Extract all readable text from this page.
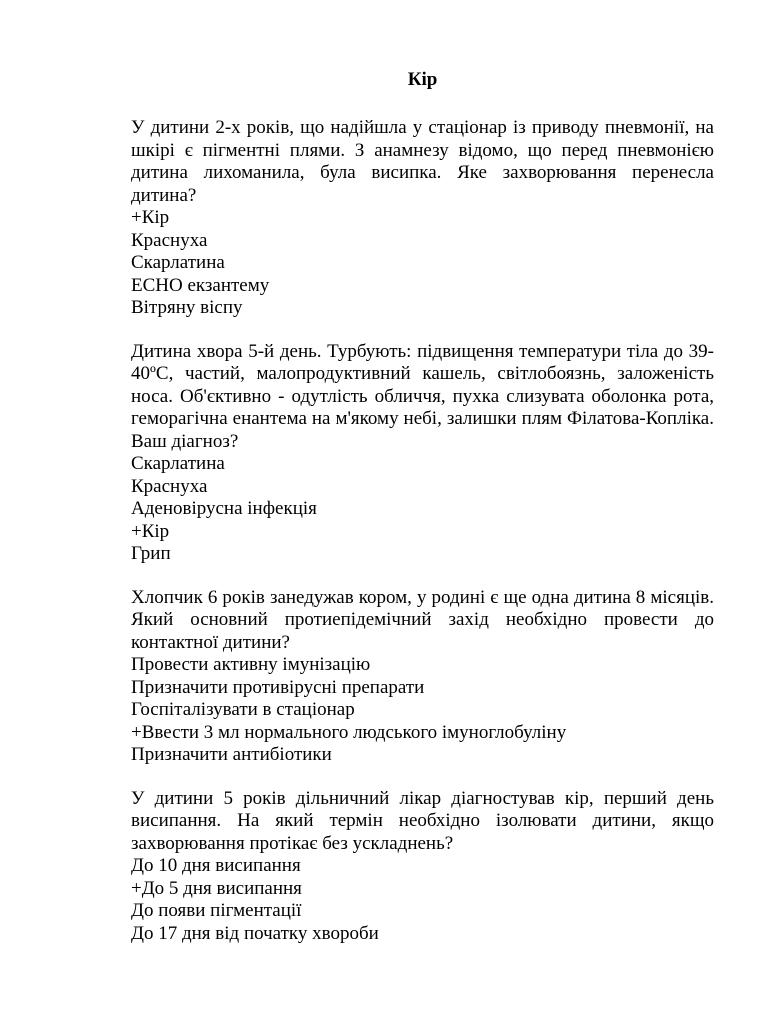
Кір

У дитини 2-х років, що надійшла у стаціонар із приводу пневмонії, на шкірі є пігментні плями. З анамнезу відомо, що перед пневмонією дитина лихоманила, була висипка. Яке захворювання перенесла дитина?

+Кір
Краснуха
Скарлатина
ЕСНО екзантему
Вітряну віспу

Дитина хвора 5-й день. Турбують: підвищення температури тіла до 39-40ºС, частий, малопродуктивний кашель, світлобоязнь, заложеність носа. Об'єктивно - одутлість обличчя, пухка слизувата оболонка рота, геморагічна енантема на м'якому небі, залишки плям Філатова-Копліка. Ваш діагноз?

Скарлатина
Краснуха
Аденовірусна інфекція
+Кір
Грип

Хлопчик 6 років занедужав кором, у родині є ще одна дитина 8 місяців. Який основний протиепідемічний захід необхідно провести до контактної дитини?

Провести активну імунізацію
Призначити противірусні препарати
Госпіталізувати в стаціонар
+Ввести 3 мл нормального людського імуноглобуліну
Призначити антибіотики

У дитини 5 років дільничний лікар діагностував кір, перший день висипання. На який термін необхідно ізолювати дитини, якщо захворювання протікає без ускладнень?

До 10 дня висипання
+До 5 дня висипання
До появи пігментації
До 17 дня від початку хвороби
